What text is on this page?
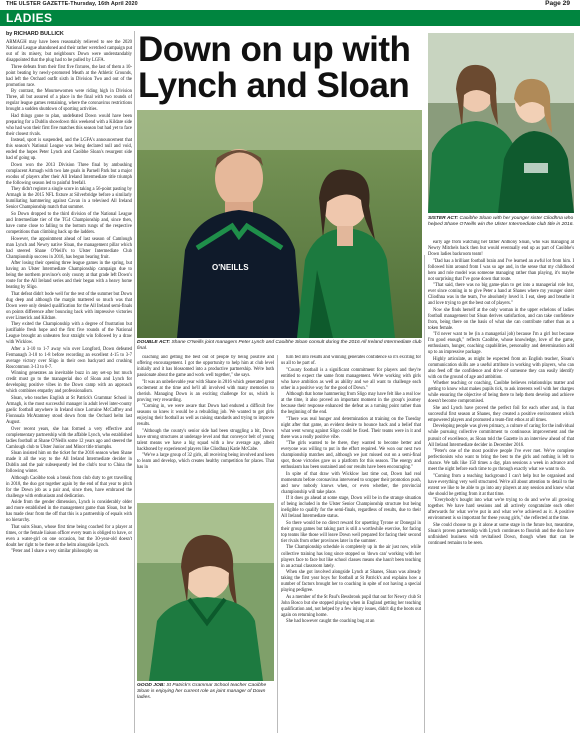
THE ULSTER GAZETTE-Thursday, 16th April 2020	Page 29
LADIES

by RICHARD BULLICK

ARMAGH may have been reasonably relieved to see the 2020 National League abandoned and their rather wretched campaign put out of its misery, but neighbours Down were understandably disappointed that the plug had to be pulled by LGFA.

Three defeats from their first five fixtures, the last of them a 10-point beating by newly-promoted Meath at the Athletic Grounds, had left the Orchard outfit sixth in Division Two and out of the promotion race.

By contrast, the Mournewomen were riding high in Division Three, all but assured of a place in the final with two rounds of regular league games remaining, where the coronavirus restrictions brought a sudden shutdown of sporting activities.

Had things gone to plan, undefeated Down would have been preparing for a Dublin showdown this weekend with a Kildare side who had won their first five matches this season but had yet to face their closest rivals.

Instead, sport is suspended, and the LGFA's announcement that this season's National League was being declared null and void, ended the hopes Peter Lynch and Caoibhe Sloan's resurgent side had of going up.

Down won the 2013 Division Three final by ambushing complacent Armagh with two late goals in Parnell Park but a major exodus of players after their All Ireland Intermediate title triumph the following season led to painful freefall.

They didn't register a single score in taking a 56-point pasting by Armagh in the 2015 NFL fixture at Silverbridge before a similarly humiliating hammering against Cavan in a televised All Ireland Senior Championship match that summer.

So Down dropped to the third division of the National League and Intermediate tier of the TG4 Championship and, since then, have come close to falling to the bottom rungs of the respective competitions than climbing back up the ladders.

However, the appointment ahead of last season of Camlough man Lynch and Newry native Sloan, the management pillar which had steered Shane O'Neill's to Ulster Intermediate Club Championship success in 2016, has begun bearing fruit.

After losing their opening three league games in the spring, but having an Ulster Intermediate Championship campaign due to being the northern province's only county at that grade left Down's route for the All Ireland series and their began with a heavy home beating by Sligo.

That defeat didn't bode well for the rest of the summer but Down dug deep and although the margin mattered so much was that Down were only denied qualification for the All Ireland semi-finals on points difference after bouncing back with impressive victories over Limerick and Kildare.

They exited the Championship with a degree of frustration but justifiable fresh hope and the first five rounds of the National League brought an unbeaten four straight win followed by a draw with Wicklow.

After a 3-10 to 1-7 away win over Longford, Down defeated Fermanagh 3-10 to 1-8 before recording an excellent 4-15 to 3-7 average victory over Sligo in their own backyard and crushing Roscommon 3-13 to 0-7.

Winning generates an inevitable buzz in any set-up but much credit must go to the managerial duo of Sloan and Lynch for developing positive vibes in the Down camp with an approach which combines empathy and professionalism.

Sloan, who teaches English at St Patrick's Grammar School in Armagh, is the most successful manager in adult level inter-county gaelic football anywhere in Ireland since Lorraine McCaffrey and Fionnuala McAtamney stood down from the Orchard helm last August.

Over recent years, she has formed a very effective and complementary partnership with the affable Lynch, who established ladies football at Shane O'Neills some 12 years ago and steered the Camlough club to Ulster Junior and Minor title triumphs.

Sloan insisted him on the ticket for the 2016 season when Shane made it all the way to the All Ireland Intermediate decider in Dublin and the pair subsequently led the club's tour to China the following winter.

Although Caoibhe took a break from club duty to get travelling in 2018, the duo got together again by the end of that year to pitch for the Down job as a pair and, since then, have embraced the challenge with enthusiasm and dedication.

Aside from the gender dimension, Lynch is considerably older and more established in the management game than Sloan, but he has made clear from the off that this is a partnership of equals with no hierarchy.

That suits Sloan, whose first time being coached for a player at times, or the female liaison officer every team is obliged to have, or even a water-girl on one occasion, but the 30-year-old doesn't doubt her right to be there at the helm alongside Lynch.

"Peter and I share a very similar philosophy on

Down on up with Lynch and Sloan
O'NEILLS
DOUBLE ACT: Shane O'Neills joint managers Peter Lynch and Caoibhe Sloan consult during the 2016 All Ireland Intermediate club final.

coaching and getting the best out of people by being positive and offering encouragement. I got the opportunity to help him at club level initially and it has blossomed into a productive partnership. We're both passionate about the game and work well together," she says.

"It was an unbelievable year with Shane in 2016 which generated great excitement at the time and he'll all involved with many memories to cherish. Managing Down is an exciting challenge for us, which is proving very rewarding.

"Coming in, we were aware that Down had endured a difficult few seasons so knew it would be a rebuilding job. We wanted to get girls enjoying their football as well as raising standards and trying to improve results.

"Although the county's senior side had been struggling a bit, Down have strong structures at underage level and that conveyor belt of young talent means we have a big squad with a low average age, albeit backboned by experienced players like Cliodhna) Katie McCabe.

"We've a large group of 32 girls, all receiving being involved and keen to learn and develop, which creates healthy competition for places. That has in

GOOD JOB: St Patrick's Grammar School teacher Caoibhe Sloan is enjoying her current role as joint manager of Down ladies.

turn fed into results and winning generates confidence so it's exciting for us all to be part of.

"County football is a significant commitment for players and they're entitled to expect the same from management. We're working with girls who have ambition as well as ability and we all want to challenge each other in a positive way for the good of Down."

Although that home hammering from Sligo may have felt like a real low at the time, it also proved an important moment in the group's journey because their response enhanced the defeat as a turning point rather than the beginning of the end.

"There was real hunger and determination at training on the Tuesday night after that game, an evident desire to bounce back and a belief that what went wrong against Sligo could be fixed. Their teams were in it and there was a really positive vibe.

"The girls wanted to be there, they wanted to become better and everyone was willing to put in the effort required. We won our next two championship matches and, although we just missed out on a semi-final spot, those victories gave us a platform for this season. The energy and enthusiasm has been sustained and our results have been encouraging."

In spite of that draw with Wicklow last time out, Down had real momentum before coronavirus intervened to scupper their promotion push, and now nobody knows when, or even whether, the provincial championship will take place.

If it does go ahead at some stage, Down will be in the strange situation of being included in the Ulster Senior Championship structure but being ineligible to qualify for the semi-finals, regardless of results, due to their All Ireland Intermediate status.

So there would be no direct reward for upsetting Tyrone or Donegal in their group games but taking part is still a worthwhile exercise, for facing top teams like those will leave Down well prepared for facing their second tier rivals from other provinces later in the summer.

The Championship schedule is completely up in the air just now, while collective training has long since stopped so 'down can' working with her players face to face but like school classes means she hasn't been teaching in an actual classroom lately.

When she got involved alongside Lynch at Shanes, Sloan was already taking the first year boys for football at St Patrick's and explains how a number of factors brought her to coaching in spite of not having a special playing pedigree.

As a member of the St Paul's Bessbrook pupil that out for Newry club St John Bosco but she stopped playing when in England getting her teaching qualification and, not helped by a few injury issues, didn't dig the boots out again on returning home.

She had however caught the coaching bug at an

SISTER ACT: Caoibhe Sloan with her younger sister Cliodhna who helped Shane O'Neills win the Ulster Intermediate club title in 2016.

early age from watching her father Anthony Sloan, who was managing at Newry Mitchels back then but would eventually end up as part of Caoibhe's Down ladies backroom team!

"Dad has a brilliant football brain and I've learned an awful lot from him. I followed him around from I was so age and, in the sense that my childhood hero and role model was someone managing rather than playing, it's maybe not surprising that I've gone down that route.

"That said, there was no big game-plan to get into a managerial role but, ever since coming in to give Peter a hand at Shanes where my younger sister Cliodhna was in the team, I've absolutely loved it. I eat, sleep and breathe it and love trying to get the best out of players."

Now she finds herself at the only woman in the upper echelons of ladies football management but Sloan derives satisfaction, and can take confidence from, being there on the basis of what she can contribute rather than as a token female.

"I'd never want to be (in a managerial job) because I'm a girl but because I'm good enough," reflects Caoibhe, whose knowledge, love of the game, enthusiasm, hunger, coaching capabilities, personality and determination add up to an impressive package.

Highly articulate, as might be expected from an English teacher, Sloan's communication skills are a useful attribute in working with players, who can also feed off the confidence and drive of someone they can easily identify with on the ground of age and ambition.

Whether teaching or coaching, Caoibhe believes relationships matter and getting to know what makes pupils tick, to ask interests well with her charges while ensuring the objective of being there to help them develop and achieve doesn't become compromised.

She and Lynch have proved the perfect foil for each other and, in that successful first season at Shanes, they created a positive environment which empowered players and promoted a team-first ethos at all times.

Developing people was given primacy, a culture of caring for the individual while pursuing collective commitment to continuous improvement and the pursuit of excellence, as Sloan told the Gazette in an interview ahead of that All Ireland Intermediate decider in December 2016.

"Peter's one of the most positive people I've ever met. We've complete perfectionists who want to bring the best to the girls and nothing is left to chance. We talk like 150 times a day, plan sessions a week in advance and meet the night before each time to go through exactly what we want to do.

"Coming from a teaching background I can't help but be organised and have everything very well structured. We're all about attention to detail to the extent we like to be able to go into any players at any session and know what she should be getting from it at that time.

"Everybody's bought into what we're trying to do and we've all growing together. We have hard sessions and all actively congratulate each other afterwards for what we've put in and what we've achieved as it. A positive environment is so important for these young girls," she reflected at the time.

She could choose to go it alone at some stage in the future but, meantime, Sloan's proven partnership with Lynch continues to flourish and the duo have unfinished business with revitalised Down, though when that can be continued remains to be seen.
